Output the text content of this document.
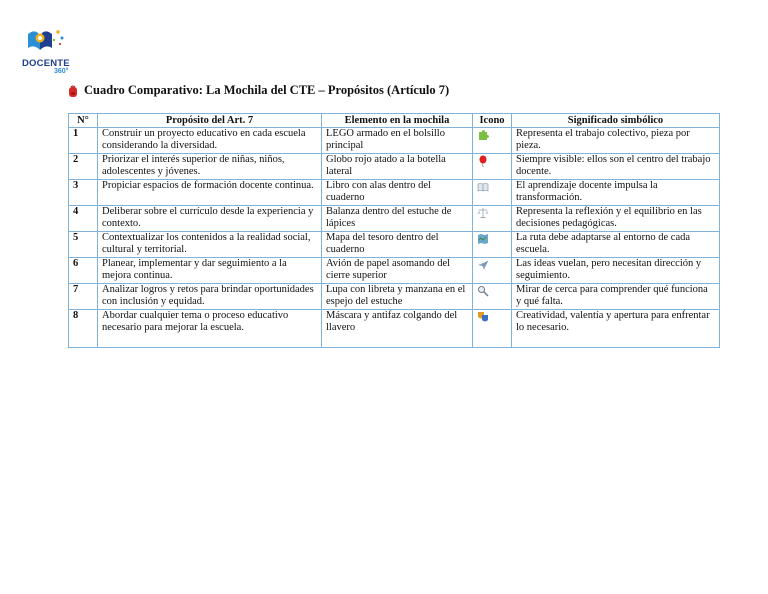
DOCENTE
360°
Cuadro Comparativo: La Mochila del CTE – Propósitos (Artículo 7)
N°	Propósito del Art. 7	Elemento en la mochila	Icono	Significado simbólico
1	Construir un proyecto educativo en cada escuela considerando la diversidad.	LEGO armado en el bolsillo principal		Representa el trabajo colectivo, pieza por pieza.
2	Priorizar el interés superior de niñas, niños, adolescentes y jóvenes.	Globo rojo atado a la botella lateral		Siempre visible: ellos son el centro del trabajo docente.
3	Propiciar espacios de formación docente continua.	Libro con alas dentro del cuaderno		El aprendizaje docente impulsa la transformación.
4	Deliberar sobre el currículo desde la experiencia y contexto.	Balanza dentro del estuche de lápices		Representa la reflexión y el equilibrio en las decisiones pedagógicas.
5	Contextualizar los contenidos a la realidad social, cultural y territorial.	Mapa del tesoro dentro del cuaderno		La ruta debe adaptarse al entorno de cada escuela.
6	Planear, implementar y dar seguimiento a la mejora continua.	Avión de papel asomando del cierre superior		Las ideas vuelan, pero necesitan dirección y seguimiento.
7	Analizar logros y retos para brindar oportunidades con inclusión y equidad.	Lupa con libreta y manzana en el espejo del estuche		Mirar de cerca para comprender qué funciona y qué falta.
8	Abordar cualquier tema o proceso educativo necesario para mejorar la escuela.	Máscara y antifaz colgando del llavero		Creatividad, valentía y apertura para enfrentar lo necesario.
